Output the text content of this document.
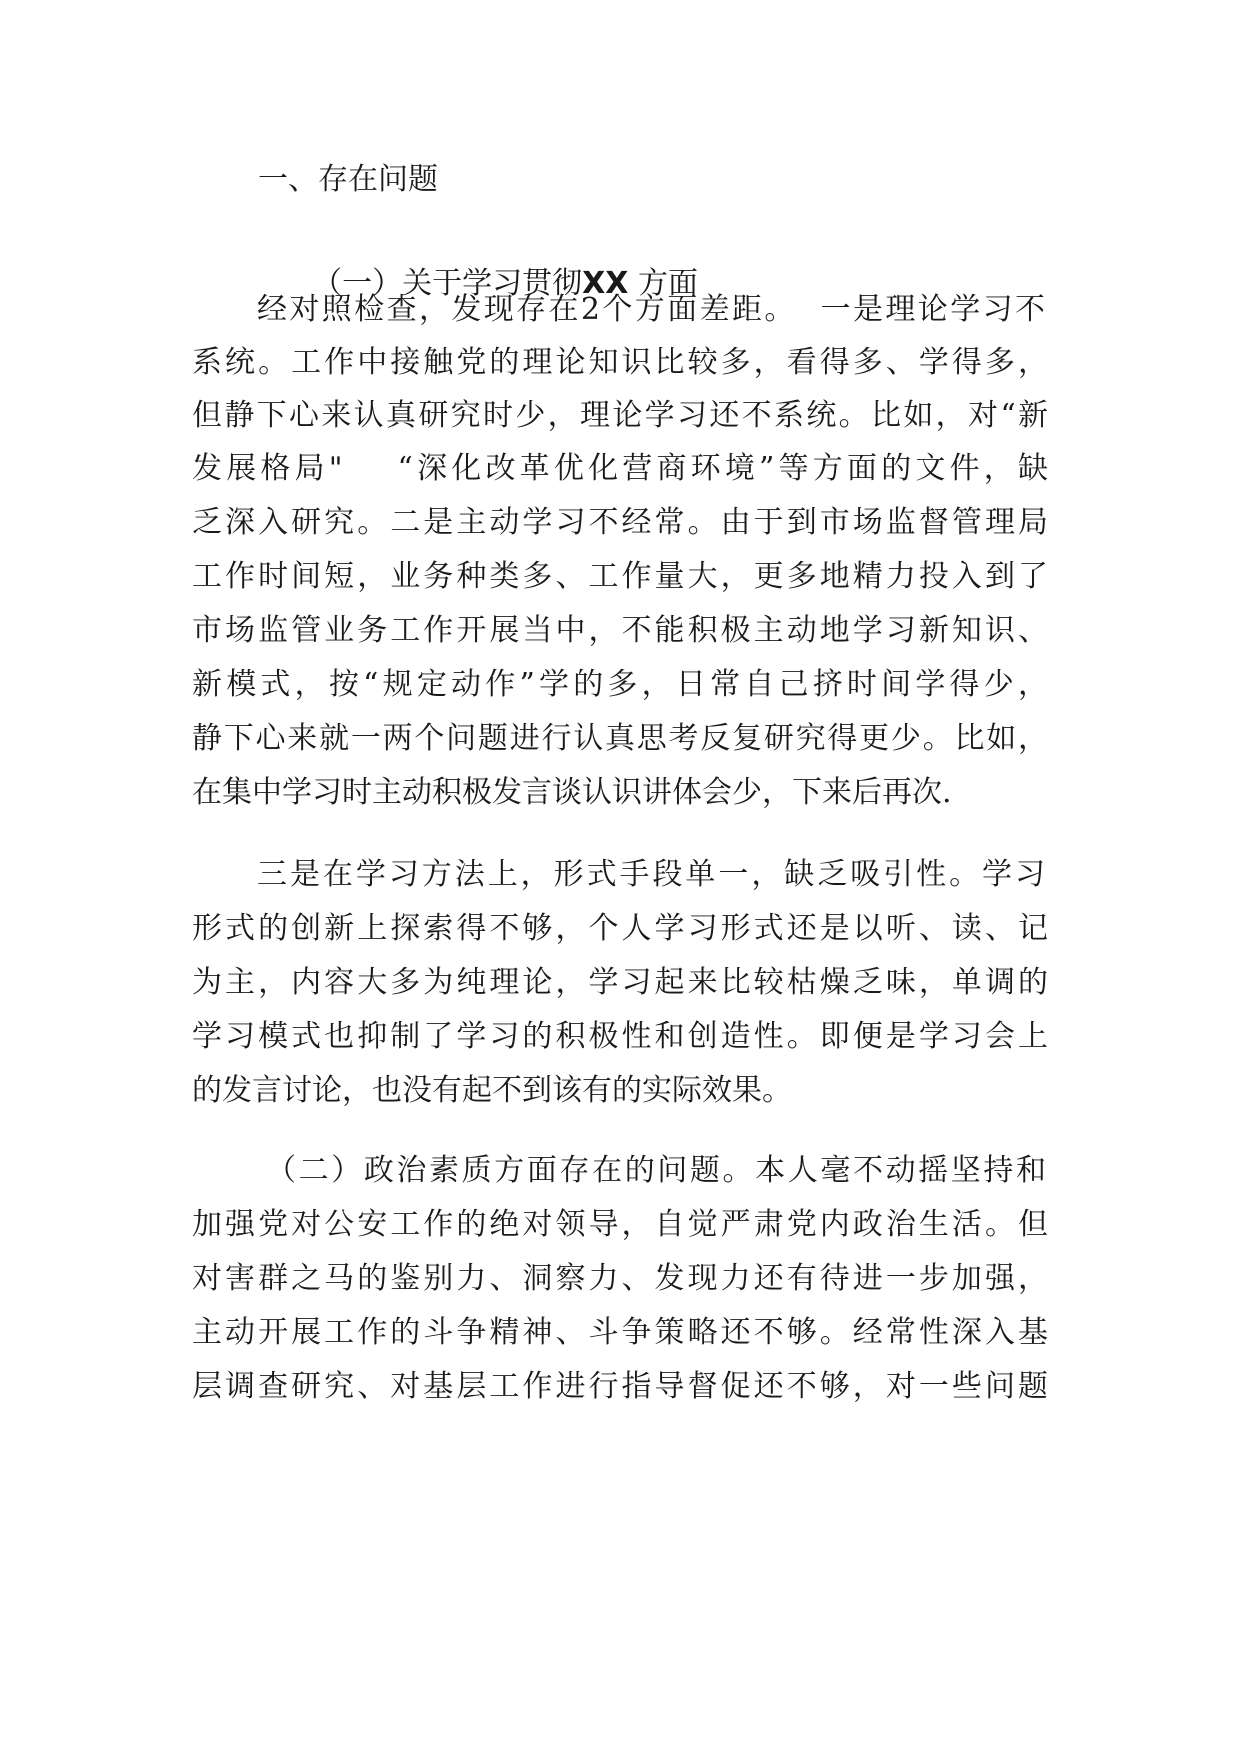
一、存在问题

（一）关于学习贯彻XX 方面

经对照检查，发现存在2个方面差距。  一是理论学习不
系统。工作中接触党的理论知识比较多，看得多、学得多，
但静下心来认真研究时少，理论学习还不系统。比如，对“新
发展格局"    “深化改革优化营商环境”等方面的文件，缺
乏深入研究。二是主动学习不经常。由于到市场监督管理局
工作时间短，业务种类多、工作量大，更多地精力投入到了
市场监管业务工作开展当中，不能积极主动地学习新知识、
新模式，按“规定动作”学的多，日常自己挤时间学得少，
静下心来就一两个问题进行认真思考反复研究得更少。比如，
在集中学习时主动积极发言谈认识讲体会少，下来后再次.
三是在学习方法上，形式手段单一，缺乏吸引性。学习
形式的创新上探索得不够，个人学习形式还是以听、读、记
为主，内容大多为纯理论，学习起来比较枯燥乏味，单调的
学习模式也抑制了学习的积极性和创造性。即便是学习会上
的发言讨论，也没有起不到该有的实际效果。
（二）政治素质方面存在的问题。本人毫不动摇坚持和
加强党对公安工作的绝对领导，自觉严肃党内政治生活。但
对害群之马的鉴别力、洞察力、发现力还有待进一步加强，
主动开展工作的斗争精神、斗争策略还不够。经常性深入基
层调查研究、对基层工作进行指导督促还不够，对一些问题
